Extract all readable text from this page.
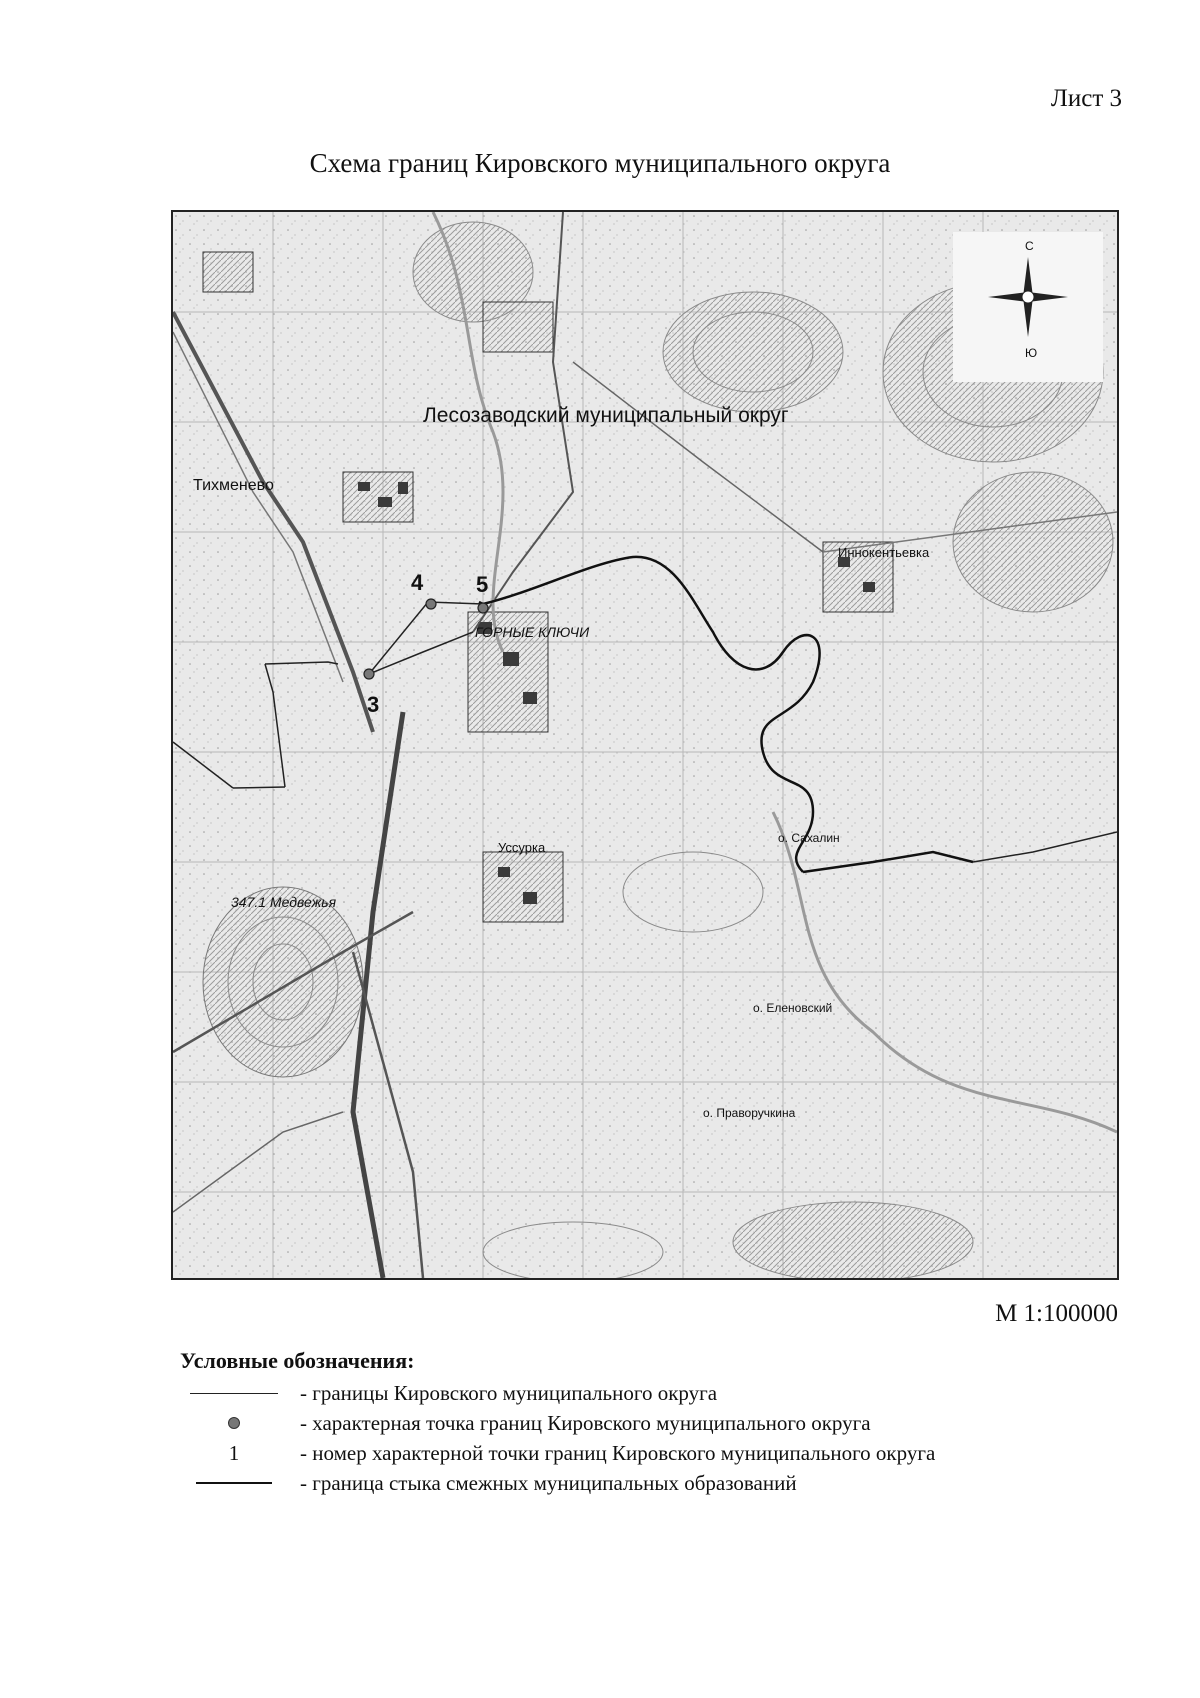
Лист 3
Схема границ Кировского муниципального округа
С
Ю
Лесозаводский муниципальный округ
Тихменево
ГОРНЫЕ КЛЮЧИ
Иннокентьевка
Уссурка
347.1 Медвежья
о. Сахалин
о. Еленовский
о. Праворучкина
3
4 5
М 1:100000
Условные обозначения:
- границы Кировского муниципального округа
- характерная точка границ Кировского муниципального округа
1	- номер характерной точки границ Кировского муниципального округа
- граница стыка смежных муниципальных образований
